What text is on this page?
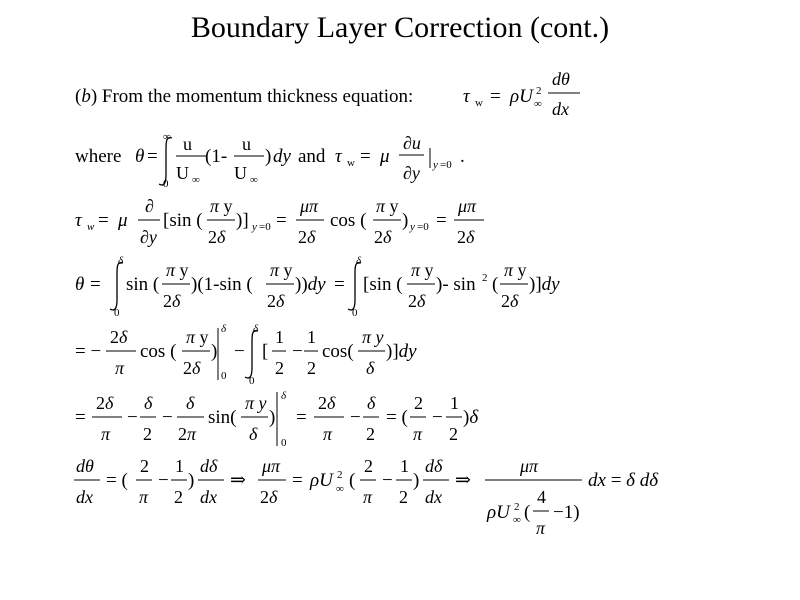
Boundary Layer Correction (cont.)
(b) From the momentum thickness equation:	τ w = ρU 2
∞
dθ
dx
where θ =
∞
0
u
U ∞
(1-
u
U ∞
) dy and τ w = μ
∂u
∂y y =0 .
τ w = μ
∂
∂y
[sin (
π y
2δ
)] y =0 =
μπ
2δ
cos (
π y
2δ
) y =0 =
μπ
2δ
θ =
δ
0
sin (
π y
2δ
)(1-sin (
π y
2δ
))dy =
δ
0
[sin (
π y
2δ
)- sin 2 (
π y
2δ
)]dy
= −
2δ
π
cos (
π y
2δ
)
δ
0
−
δ
0
[
1
2
−
1
2
cos(
π y
δ
)]dy
=
2δ
π
−
δ
2
−
δ
2π
sin(
π y
δ
)
δ
0
=
2δ
π
−
δ
2
= (
2
π
−
1
2
)δ
dθ
dx
= (
2
π
−
1
2
)
dδ
dx
⇒
μπ
2δ
= ρU 2
∞ (
2
π
−
1
2
)
dδ
dx
⇒
μπ
ρU 2
∞ (
4
π
−1)
dx = δ dδ
